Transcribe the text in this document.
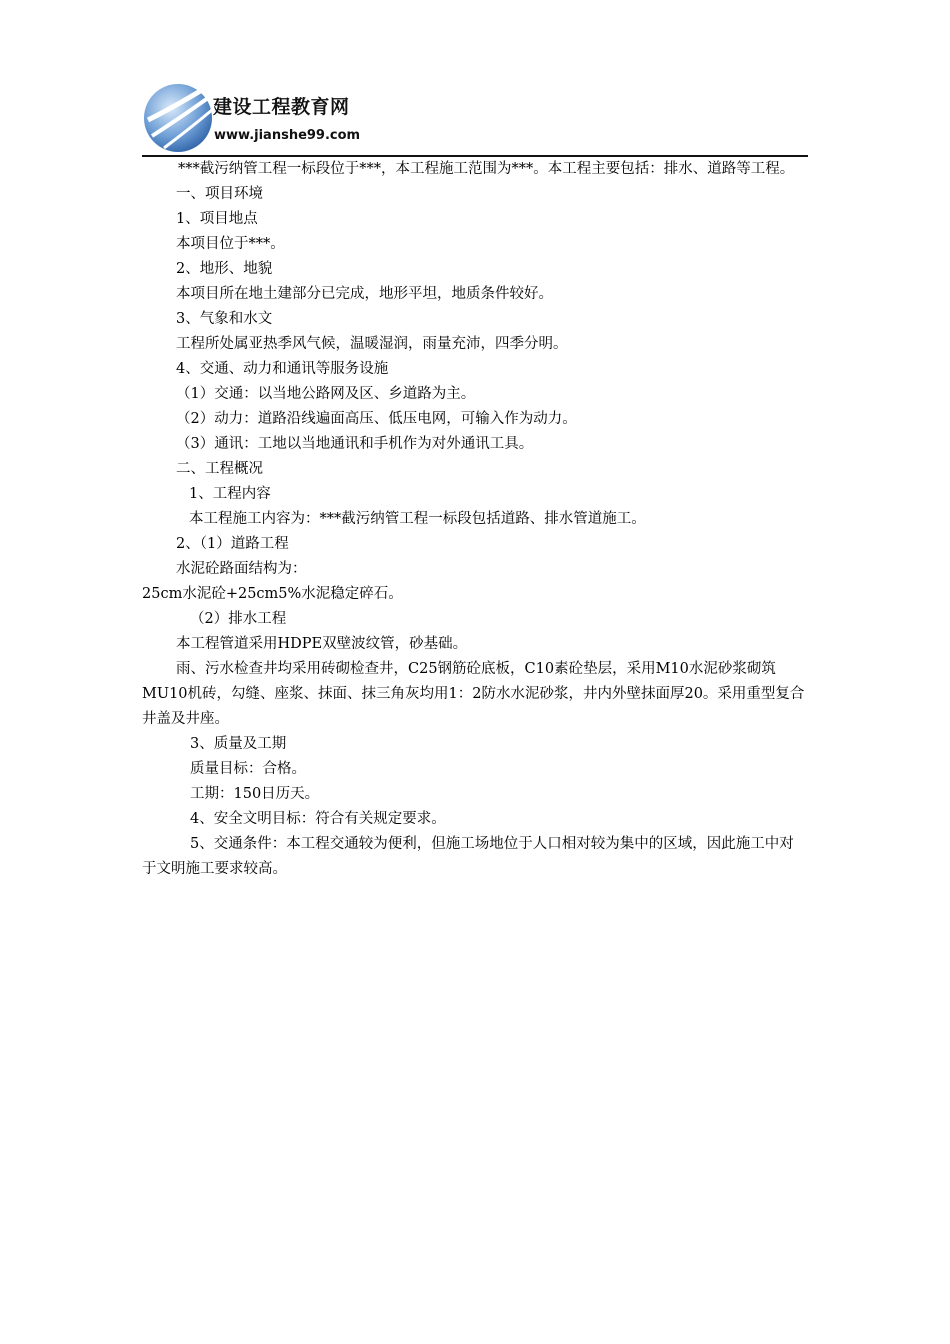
建设工程教育网
www.jianshe99.com

***截污纳管工程一标段位于***，本工程施工范围为***。本工程主要包括：排水、道路等工程。

一、项目环境

1、项目地点

本项目位于***。

2、地形、地貌

本项目所在地土建部分已完成，地形平坦，地质条件较好。

3、气象和水文

工程所处属亚热季风气候，温暖湿润，雨量充沛，四季分明。

4、交通、动力和通讯等服务设施

（1）交通：以当地公路网及区、乡道路为主。

（2）动力：道路沿线遍面高压、低压电网，可输入作为动力。

（3）通讯：工地以当地通讯和手机作为对外通讯工具。

二、工程概况

1、工程内容

本工程施工内容为：***截污纳管工程一标段包括道路、排水管道施工。

2、（1）道路工程

水泥砼路面结构为：

25cm水泥砼+25cm5%水泥稳定碎石。

（2）排水工程

本工程管道采用HDPE双壁波纹管，砂基础。

雨、污水检查井均采用砖砌检查井，C25钢筋砼底板，C10素砼垫层，采用M10水泥砂浆砌筑MU10机砖，勾缝、座浆、抹面、抹三角灰均用1：2防水水泥砂浆，井内外壁抹面厚20。采用重型复合井盖及井座。

3、质量及工期

质量目标：合格。

工期：150日历天。

4、安全文明目标：符合有关规定要求。

5、交通条件：本工程交通较为便利，但施工场地位于人口相对较为集中的区域，因此施工中对于文明施工要求较高。
